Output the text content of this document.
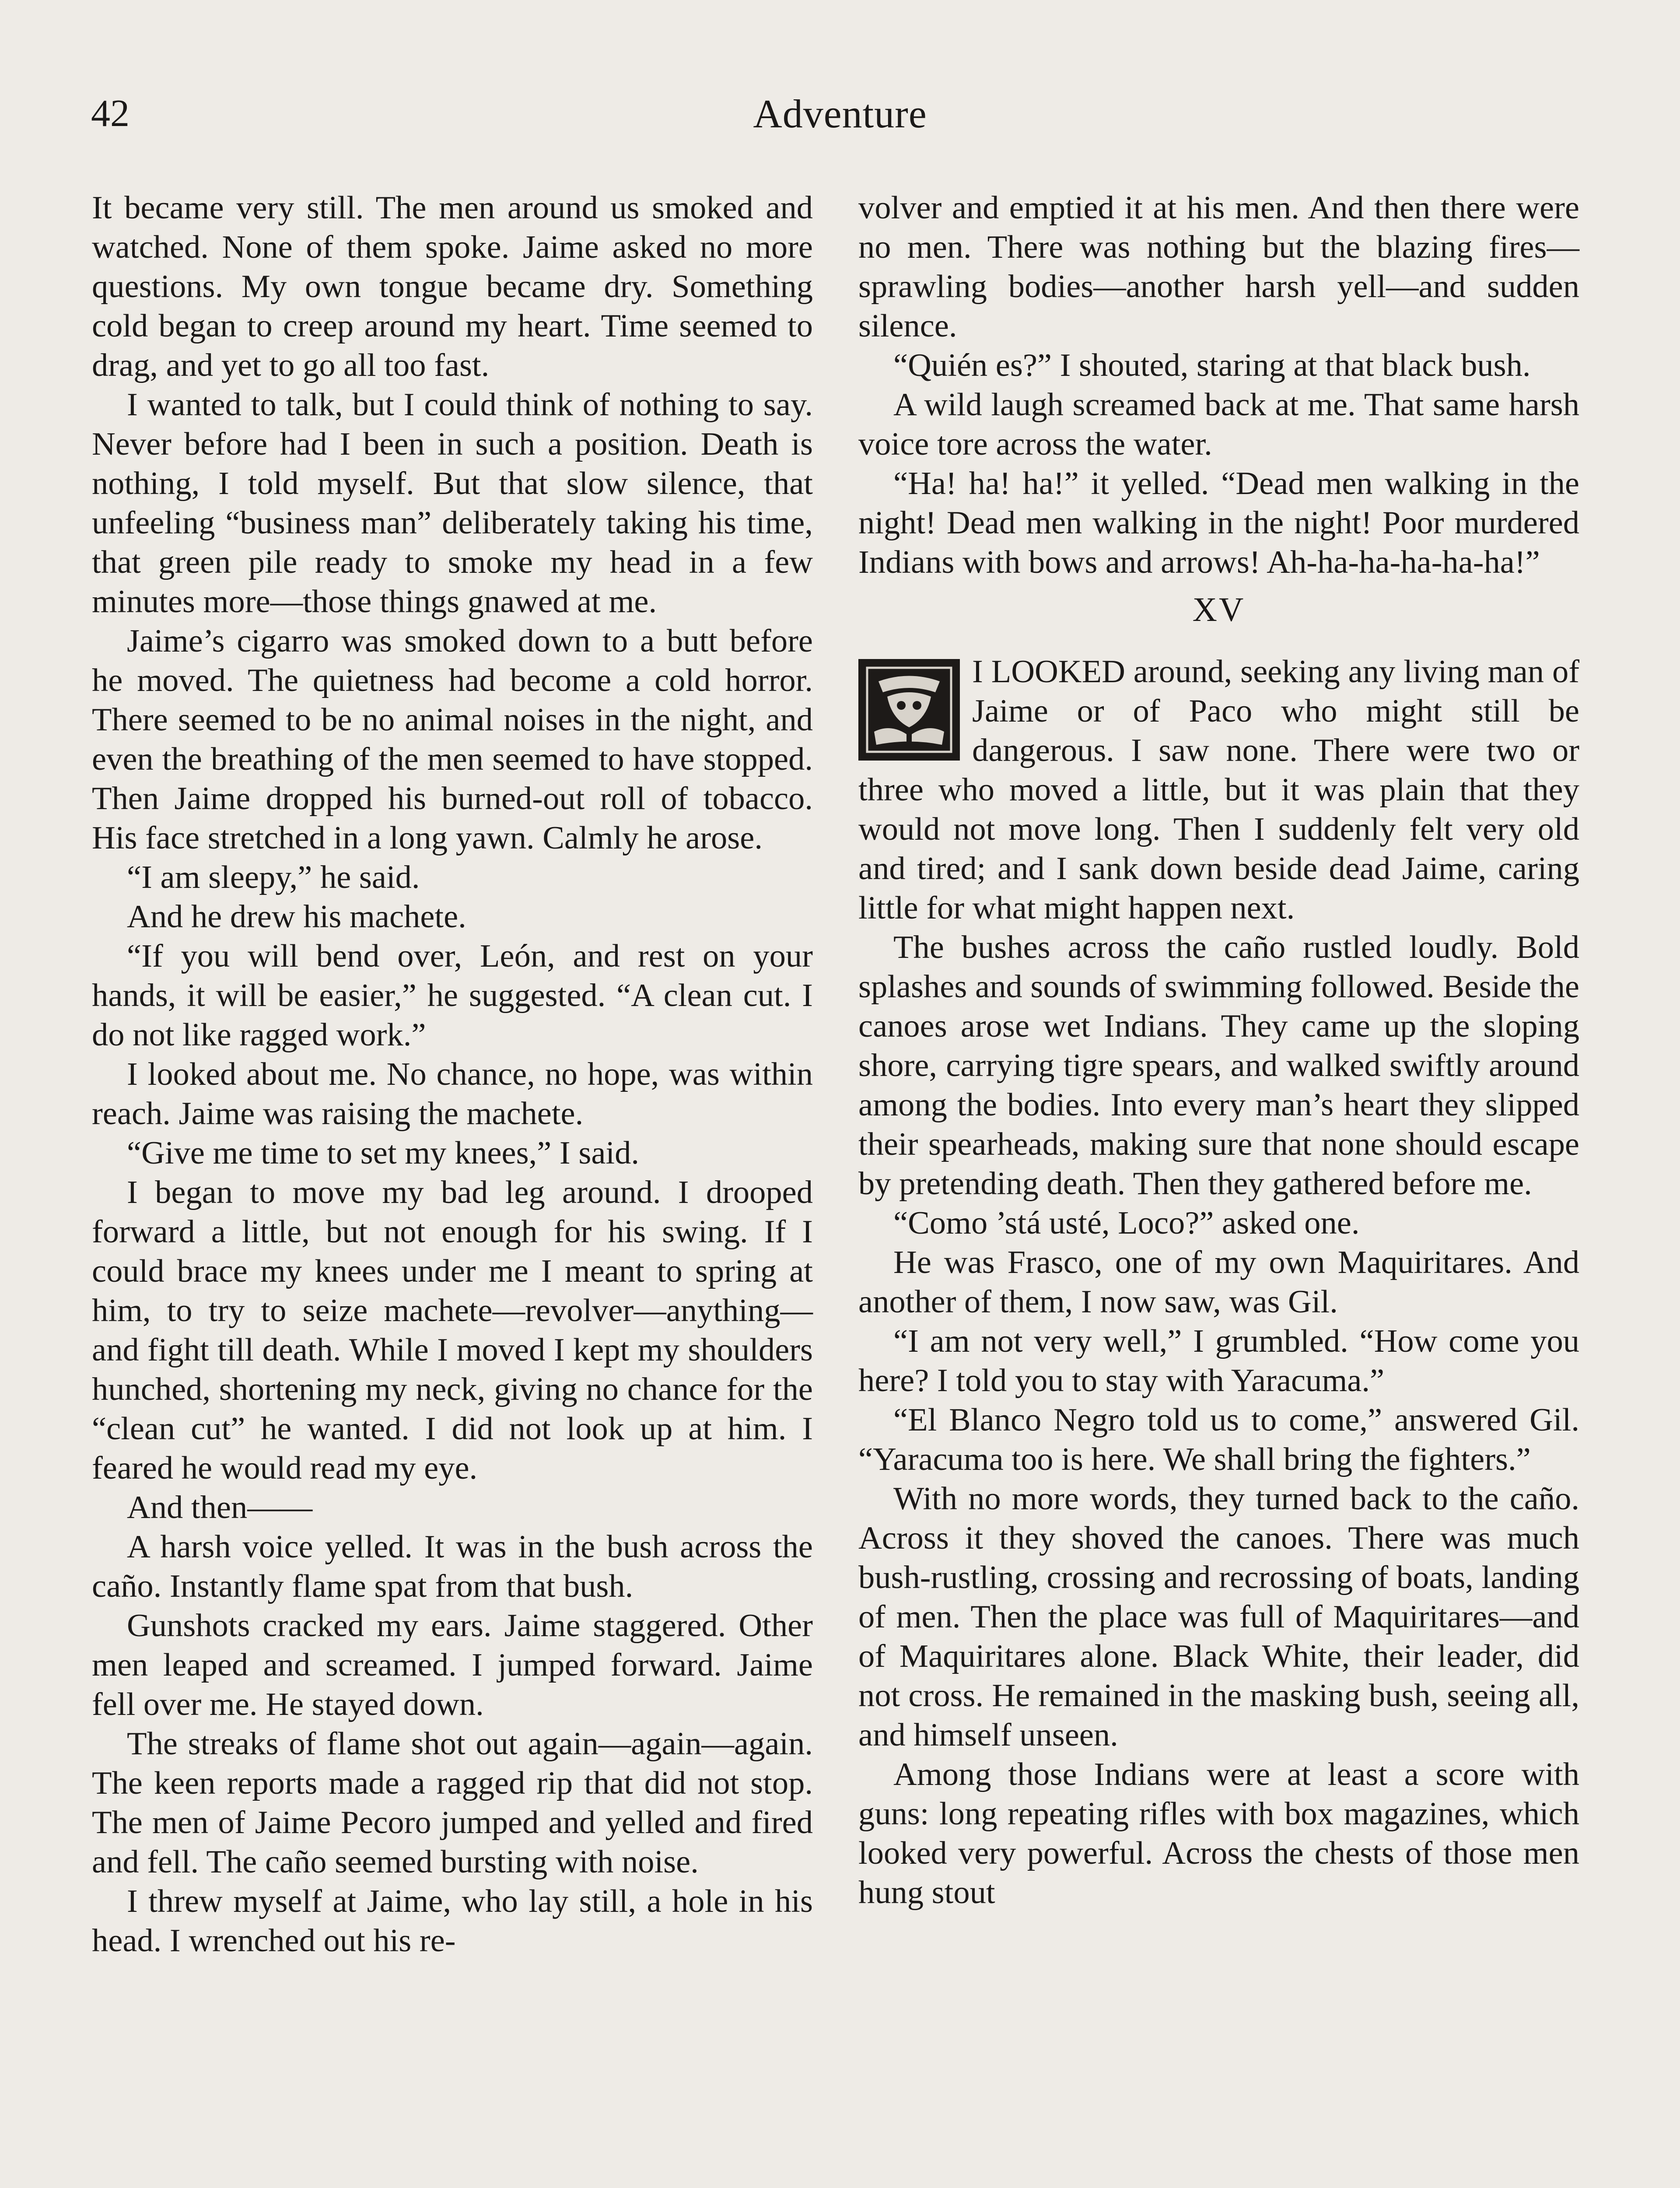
42	Adventure

It became very still. The men around us smoked and watched. None of them spoke. Jaime asked no more questions. My own tongue became dry. Something cold began to creep around my heart. Time seemed to drag, and yet to go all too fast.

I wanted to talk, but I could think of nothing to say. Never before had I been in such a position. Death is nothing, I told myself. But that slow silence, that unfeeling “business man” deliberately taking his time, that green pile ready to smoke my head in a few minutes more—those things gnawed at me.

Jaime’s cigarro was smoked down to a butt before he moved. The quietness had become a cold horror. There seemed to be no animal noises in the night, and even the breathing of the men seemed to have stopped. Then Jaime dropped his burned-out roll of tobacco. His face stretched in a long yawn. Calmly he arose.

“I am sleepy,” he said.

And he drew his machete.

“If you will bend over, León, and rest on your hands, it will be easier,” he suggested. “A clean cut. I do not like ragged work.”

I looked about me. No chance, no hope, was within reach. Jaime was raising the machete.

“Give me time to set my knees,” I said.

I began to move my bad leg around. I drooped forward a little, but not enough for his swing. If I could brace my knees under me I meant to spring at him, to try to seize machete—revolver—anything—and fight till death. While I moved I kept my shoulders hunched, shortening my neck, giving no chance for the “clean cut” he wanted. I did not look up at him. I feared he would read my eye.

And then——

A harsh voice yelled. It was in the bush across the caño. Instantly flame spat from that bush.

Gunshots cracked my ears. Jaime staggered. Other men leaped and screamed. I jumped forward. Jaime fell over me. He stayed down.

The streaks of flame shot out again—again—again. The keen reports made a ragged rip that did not stop. The men of Jaime Pecoro jumped and yelled and fired and fell. The caño seemed bursting with noise.

I threw myself at Jaime, who lay still, a hole in his head. I wrenched out his re-

volver and emptied it at his men. And then there were no men. There was nothing but the blazing fires—sprawling bodies—another harsh yell—and sudden silence.

“Quién es?” I shouted, staring at that black bush.

A wild laugh screamed back at me. That same harsh voice tore across the water.

“Ha! ha! ha!” it yelled. “Dead men walking in the night! Dead men walking in the night! Poor murdered Indians with bows and arrows! Ah-ha-ha-ha-ha-ha!”

XV

I LOOKED around, seeking any living man of Jaime or of Paco who might still be dangerous. I saw none. There were two or three who moved a little, but it was plain that they would not move long. Then I suddenly felt very old and tired; and I sank down beside dead Jaime, caring little for what might happen next.

The bushes across the caño rustled loudly. Bold splashes and sounds of swimming followed. Beside the canoes arose wet Indians. They came up the sloping shore, carrying tigre spears, and walked swiftly around among the bodies. Into every man’s heart they slipped their spearheads, making sure that none should escape by pretending death. Then they gathered before me.

“Como ’stá usté, Loco?” asked one.

He was Frasco, one of my own Maquiritares. And another of them, I now saw, was Gil.

“I am not very well,” I grumbled. “How come you here? I told you to stay with Yaracuma.”

“El Blanco Negro told us to come,” answered Gil. “Yaracuma too is here. We shall bring the fighters.”

With no more words, they turned back to the caño. Across it they shoved the canoes. There was much bush-rustling, crossing and recrossing of boats, landing of men. Then the place was full of Maquiritares—and of Maquiritares alone. Black White, their leader, did not cross. He remained in the masking bush, seeing all, and himself unseen.

Among those Indians were at least a score with guns: long repeating rifles with box magazines, which looked very powerful. Across the chests of those men hung stout
